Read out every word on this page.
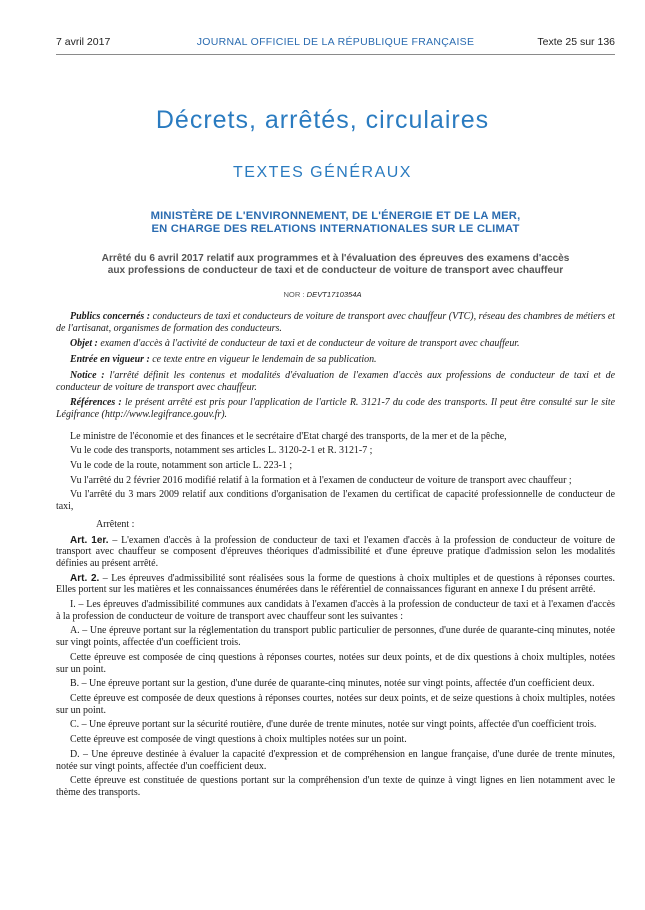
7 avril 2017	JOURNAL OFFICIEL DE LA RÉPUBLIQUE FRANÇAISE	Texte 25 sur 136
Décrets, arrêtés, circulaires
TEXTES GÉNÉRAUX
MINISTÈRE DE L'ENVIRONNEMENT, DE L'ÉNERGIE ET DE LA MER,
EN CHARGE DES RELATIONS INTERNATIONALES SUR LE CLIMAT
Arrêté du 6 avril 2017 relatif aux programmes et à l'évaluation des épreuves des examens d'accès
aux professions de conducteur de taxi et de conducteur de voiture de transport avec chauffeur
NOR : DEVT1710354A

Publics concernés : conducteurs de taxi et conducteurs de voiture de transport avec chauffeur (VTC), réseau des chambres de métiers et de l'artisanat, organismes de formation des conducteurs.

Objet : examen d'accès à l'activité de conducteur de taxi et de conducteur de voiture de transport avec chauffeur.

Entrée en vigueur : ce texte entre en vigueur le lendemain de sa publication.

Notice : l'arrêté définit les contenus et modalités d'évaluation de l'examen d'accès aux professions de conducteur de taxi et de conducteur de voiture de transport avec chauffeur.

Références : le présent arrêté est pris pour l'application de l'article R. 3121-7 du code des transports. Il peut être consulté sur le site Légifrance (http://www.legifrance.gouv.fr).

Le ministre de l'économie et des finances et le secrétaire d'Etat chargé des transports, de la mer et de la pêche,

Vu le code des transports, notamment ses articles L. 3120-2-1 et R. 3121-7 ;

Vu le code de la route, notamment son article L. 223-1 ;

Vu l'arrêté du 2 février 2016 modifié relatif à la formation et à l'examen de conducteur de voiture de transport avec chauffeur ;

Vu l'arrêté du 3 mars 2009 relatif aux conditions d'organisation de l'examen du certificat de capacité professionnelle de conducteur de taxi,

Arrêtent :

Art. 1er. – L'examen d'accès à la profession de conducteur de taxi et l'examen d'accès à la profession de conducteur de voiture de transport avec chauffeur se composent d'épreuves théoriques d'admissibilité et d'une épreuve pratique d'admission selon les modalités définies au présent arrêté.

Art. 2. – Les épreuves d'admissibilité sont réalisées sous la forme de questions à choix multiples et de questions à réponses courtes. Elles portent sur les matières et les connaissances énumérées dans le référentiel de connaissances figurant en annexe I du présent arrêté.

I. – Les épreuves d'admissibilité communes aux candidats à l'examen d'accès à la profession de conducteur de taxi et à l'examen d'accès à la profession de conducteur de voiture de transport avec chauffeur sont les suivantes :

A. – Une épreuve portant sur la réglementation du transport public particulier de personnes, d'une durée de quarante-cinq minutes, notée sur vingt points, affectée d'un coefficient trois.

Cette épreuve est composée de cinq questions à réponses courtes, notées sur deux points, et de dix questions à choix multiples, notées sur un point.

B. – Une épreuve portant sur la gestion, d'une durée de quarante-cinq minutes, notée sur vingt points, affectée d'un coefficient deux.

Cette épreuve est composée de deux questions à réponses courtes, notées sur deux points, et de seize questions à choix multiples, notées sur un point.

C. – Une épreuve portant sur la sécurité routière, d'une durée de trente minutes, notée sur vingt points, affectée d'un coefficient trois.

Cette épreuve est composée de vingt questions à choix multiples notées sur un point.

D. – Une épreuve destinée à évaluer la capacité d'expression et de compréhension en langue française, d'une durée de trente minutes, notée sur vingt points, affectée d'un coefficient deux.

Cette épreuve est constituée de questions portant sur la compréhension d'un texte de quinze à vingt lignes en lien notamment avec le thème des transports.
